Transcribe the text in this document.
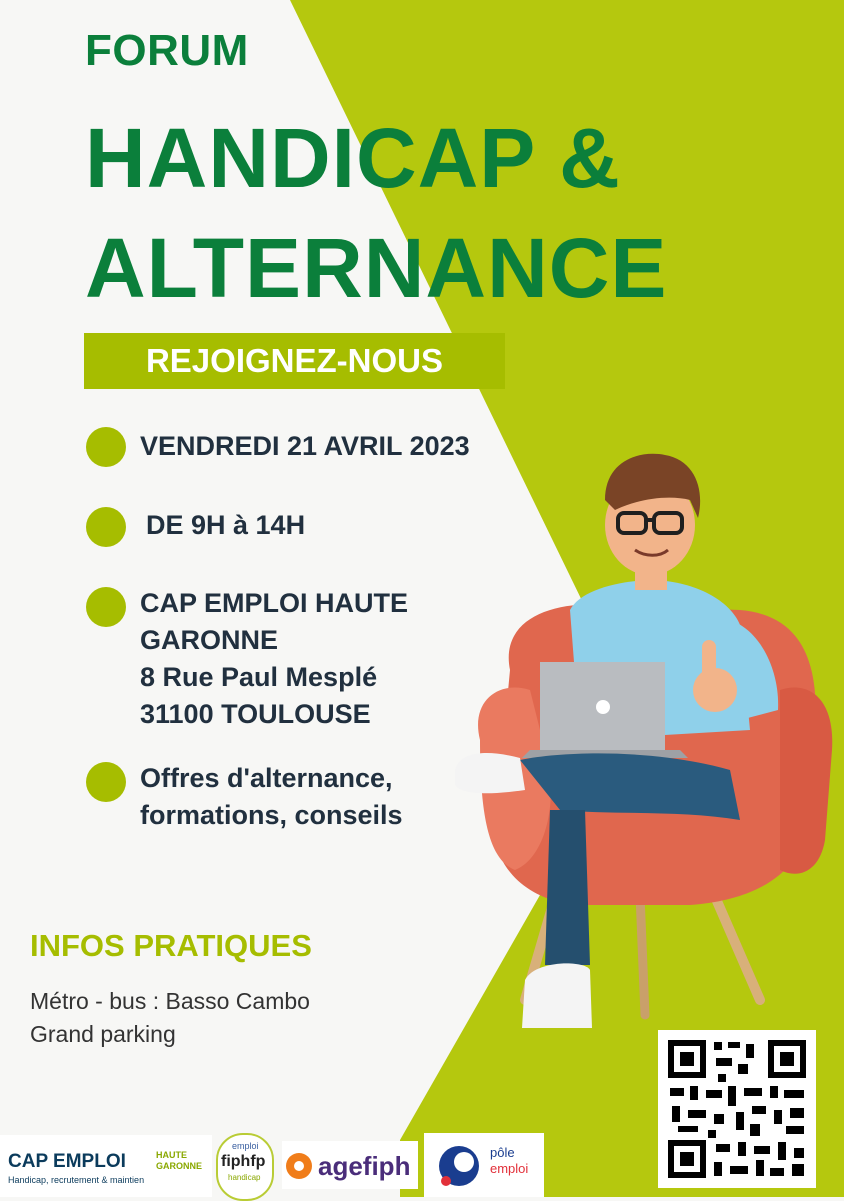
FORUM
HANDICAP &
ALTERNANCE
REJOIGNEZ-NOUS
VENDREDI 21 AVRIL 2023
DE 9H à 14H
CAP EMPLOI HAUTE
GARONNE
8 Rue Paul Mesplé
31100 TOULOUSE
Offres d'alternance,
formations, conseils
INFOS PRATIQUES
Métro - bus : Basso Cambo
Grand parking
CAP EMPLOI	HAUTE
GARONNE
Handicap, recrutement & maintien
emploi
fiphfp
handicap agefiph	pôle
emploi
